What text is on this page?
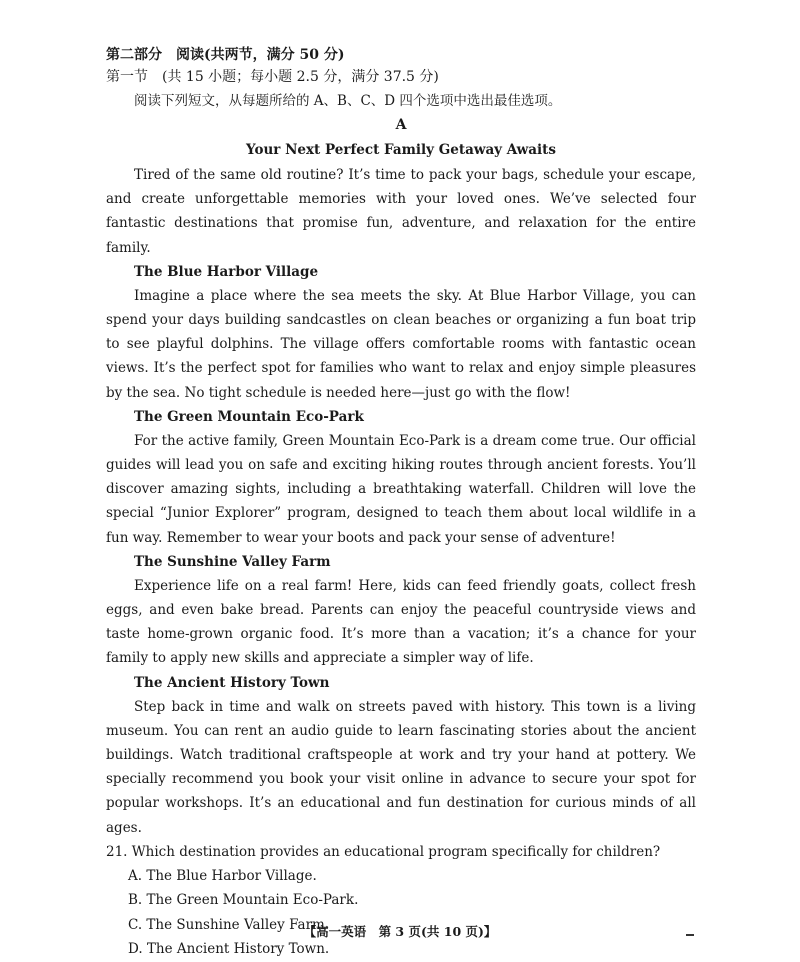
第二部分　阅读(共两节，满分 50 分)
第一节　(共 15 小题；每小题 2.5 分，满分 37.5 分)
阅读下列短文，从每题所给的 A、B、C、D 四个选项中选出最佳选项。
A
Your Next Perfect Family Getaway Awaits

Tired of the same old routine? It’s time to pack your bags, schedule your escape, and create unforgettable memories with your loved ones. We’ve selected four fantastic destinations that promise fun, adventure, and relaxation for the entire family.

The Blue Harbor Village

Imagine a place where the sea meets the sky. At Blue Harbor Village, you can spend your days building sandcastles on clean beaches or organizing a fun boat trip to see playful dolphins. The village offers comfortable rooms with fantastic ocean views. It’s the perfect spot for families who want to relax and enjoy simple pleasures by the sea. No tight schedule is needed here—just go with the flow!

The Green Mountain Eco-Park

For the active family, Green Mountain Eco-Park is a dream come true. Our official guides will lead you on safe and exciting hiking routes through ancient forests. You’ll discover amazing sights, including a breathtaking waterfall. Children will love the special “Junior Explorer” program, designed to teach them about local wildlife in a fun way. Remember to wear your boots and pack your sense of adventure!

The Sunshine Valley Farm

Experience life on a real farm! Here, kids can feed friendly goats, collect fresh eggs, and even bake bread. Parents can enjoy the peaceful countryside views and taste home-grown organic food. It’s more than a vacation; it’s a chance for your family to apply new skills and appreciate a simpler way of life.

The Ancient History Town

Step back in time and walk on streets paved with history. This town is a living museum. You can rent an audio guide to learn fascinating stories about the ancient buildings. Watch traditional craftspeople at work and try your hand at pottery. We specially recommend you book your visit online in advance to secure your spot for popular workshops. It’s an educational and fun destination for curious minds of all ages.

21. Which destination provides an educational program specifically for children?
A. The Blue Harbor Village.
B. The Green Mountain Eco-Park.
C. The Sunshine Valley Farm.
D. The Ancient History Town.
【高一英语　第 3 页(共 10 页)】
